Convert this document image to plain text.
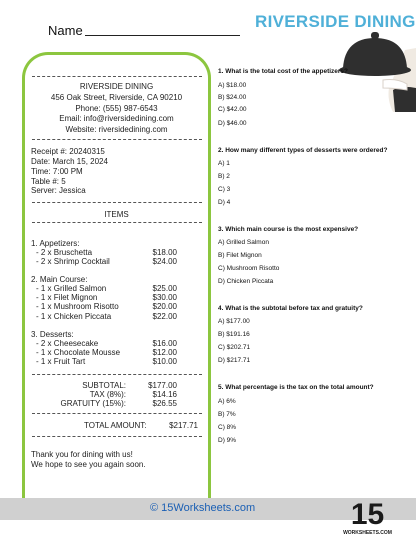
Name	RIVERSIDE DINING
RIVERSIDE DINING
456 Oak Street, Riverside, CA 90210
Phone: (555) 987-6543
Email: info@riversidedining.com
Website: riversidedining.com
Receipt #: 20240315
Date: March 15, 2024
Time: 7:00 PM
Table #: 5
Server: Jessica
ITEMS
1. Appetizers:
- 2 x Bruschetta	$18.00
- 2 x Shrimp Cocktail	$24.00
2. Main Course:
- 1 x Grilled Salmon	$25.00
- 1 x Filet Mignon	$30.00
- 1 x Mushroom Risotto	$20.00
- 1 x Chicken Piccata	$22.00
3. Desserts:
- 2 x Cheesecake	$16.00
- 1 x Chocolate Mousse	$12.00
- 1 x Fruit Tart	$10.00
SUBTOTAL:	$177.00
TAX (8%):	$14.16
GRATUITY (15%):	$26.55
TOTAL AMOUNT:	$217.71
Thank you for dining with us!
We hope to see you again soon.
1. What is the total cost of the appetizers?
A) $18.00
B) $24.00
C) $42.00
D) $46.00
2. How many different types of desserts were ordered?
A) 1
B) 2
C) 3
D) 4
3. Which main course is the most expensive?
A) Grilled Salmon
B) Filet Mignon
C) Mushroom Risotto
D) Chicken Piccata
4. What is the subtotal before tax and gratuity?
A) $177.00
B) $191.16
C) $202.71
D) $217.71
5. What percentage is the tax on the total amount?
A) 6%
B) 7%
C) 8%
D) 9%
© 15Worksheets.com	15
WORKSHEETS.COM
